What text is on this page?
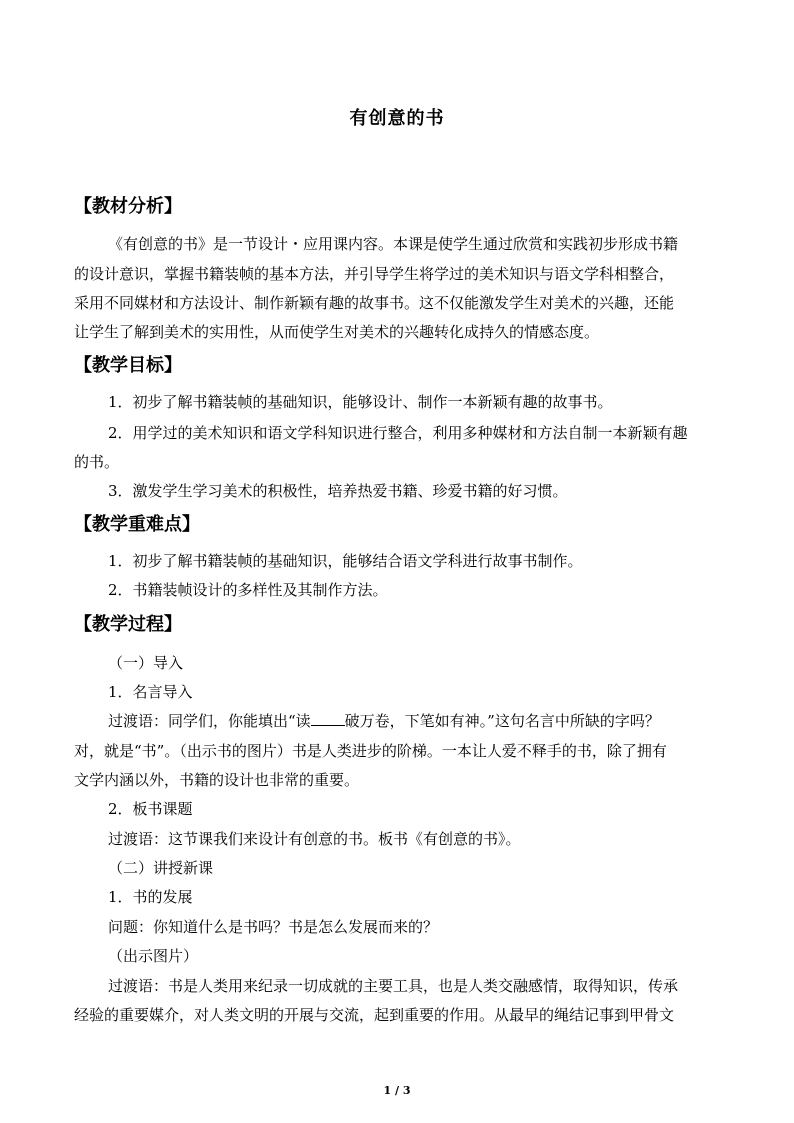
有创意的书
【教材分析】
《有创意的书》是一节设计・应用课内容。本课是使学生通过欣赏和实践初步形成书籍
的设计意识，掌握书籍装帧的基本方法，并引导学生将学过的美术知识与语文学科相整合，
采用不同媒材和方法设计、制作新颖有趣的故事书。这不仅能激发学生对美术的兴趣，还能
让学生了解到美术的实用性，从而使学生对美术的兴趣转化成持久的情感态度。
【教学目标】
1．初步了解书籍装帧的基础知识，能够设计、制作一本新颖有趣的故事书。
2．用学过的美术知识和语文学科知识进行整合，利用多种媒材和方法自制一本新颖有趣
的书。
3．激发学生学习美术的积极性，培养热爱书籍、珍爱书籍的好习惯。
【教学重难点】
1．初步了解书籍装帧的基础知识，能够结合语文学科进行故事书制作。
2．书籍装帧设计的多样性及其制作方法。
【教学过程】
（一）导入
1．名言导入
过渡语：同学们，你能填出“读 破万卷，下笔如有神。”这句名言中所缺的字吗？
对，就是“书”。（出示书的图片）书是人类进步的阶梯。一本让人爱不释手的书，除了拥有
文学内涵以外，书籍的设计也非常的重要。
2．板书课题
过渡语：这节课我们来设计有创意的书。板书《有创意的书》。
（二）讲授新课
1．书的发展
问题：你知道什么是书吗？书是怎么发展而来的？
（出示图片）
过渡语：书是人类用来纪录一切成就的主要工具，也是人类交融感情，取得知识，传承
经验的重要媒介，对人类文明的开展与交流，起到重要的作用。从最早的绳结记事到甲骨文
1 / 3
